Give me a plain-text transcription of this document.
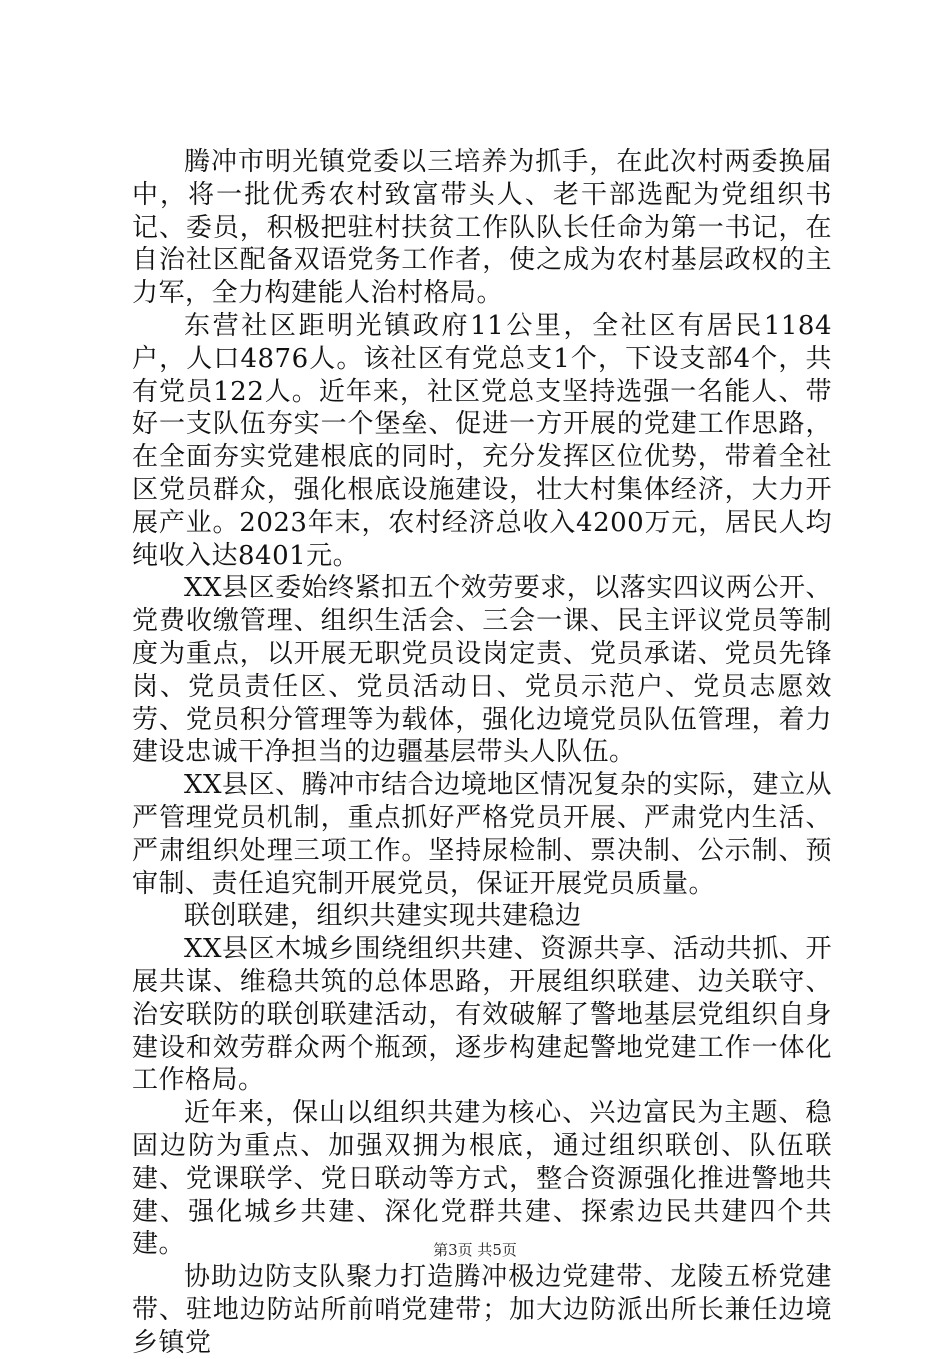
腾冲市明光镇党委以三培养为抓手，在此次村两委换届中，将一批优秀农村致富带头人、老干部选配为党组织书记、委员，积极把驻村扶贫工作队队长任命为第一书记，在自治社区配备双语党务工作者，使之成为农村基层政权的主力军，全力构建能人治村格局。

东营社区距明光镇政府11公里，全社区有居民1184户，人口4876人。该社区有党总支1个，下设支部4个，共有党员122人。近年来，社区党总支坚持选强一名能人、带好一支队伍夯实一个堡垒、促进一方开展的党建工作思路，在全面夯实党建根底的同时，充分发挥区位优势，带着全社区党员群众，强化根底设施建设，壮大村集体经济，大力开展产业。2023年末，农村经济总收入4200万元，居民人均纯收入达8401元。

XX县区委始终紧扣五个效劳要求，以落实四议两公开、党费收缴管理、组织生活会、三会一课、民主评议党员等制度为重点，以开展无职党员设岗定责、党员承诺、党员先锋岗、党员责任区、党员活动日、党员示范户、党员志愿效劳、党员积分管理等为载体，强化边境党员队伍管理，着力建设忠诚干净担当的边疆基层带头人队伍。

XX县区、腾冲市结合边境地区情况复杂的实际，建立从严管理党员机制，重点抓好严格党员开展、严肃党内生活、严肃组织处理三项工作。坚持尿检制、票决制、公示制、预审制、责任追究制开展党员，保证开展党员质量。

联创联建，组织共建实现共建稳边

XX县区木城乡围绕组织共建、资源共享、活动共抓、开展共谋、维稳共筑的总体思路，开展组织联建、边关联守、治安联防的联创联建活动，有效破解了警地基层党组织自身建设和效劳群众两个瓶颈，逐步构建起警地党建工作一体化工作格局。

近年来，保山以组织共建为核心、兴边富民为主题、稳固边防为重点、加强双拥为根底，通过组织联创、队伍联建、党课联学、党日联动等方式，整合资源强化推进警地共建、强化城乡共建、深化党群共建、探索边民共建四个共建。

协助边防支队聚力打造腾冲极边党建带、龙陵五桥党建带、驻地边防站所前哨党建带；加大边防派出所长兼任边境乡镇党

第3页 共5页
